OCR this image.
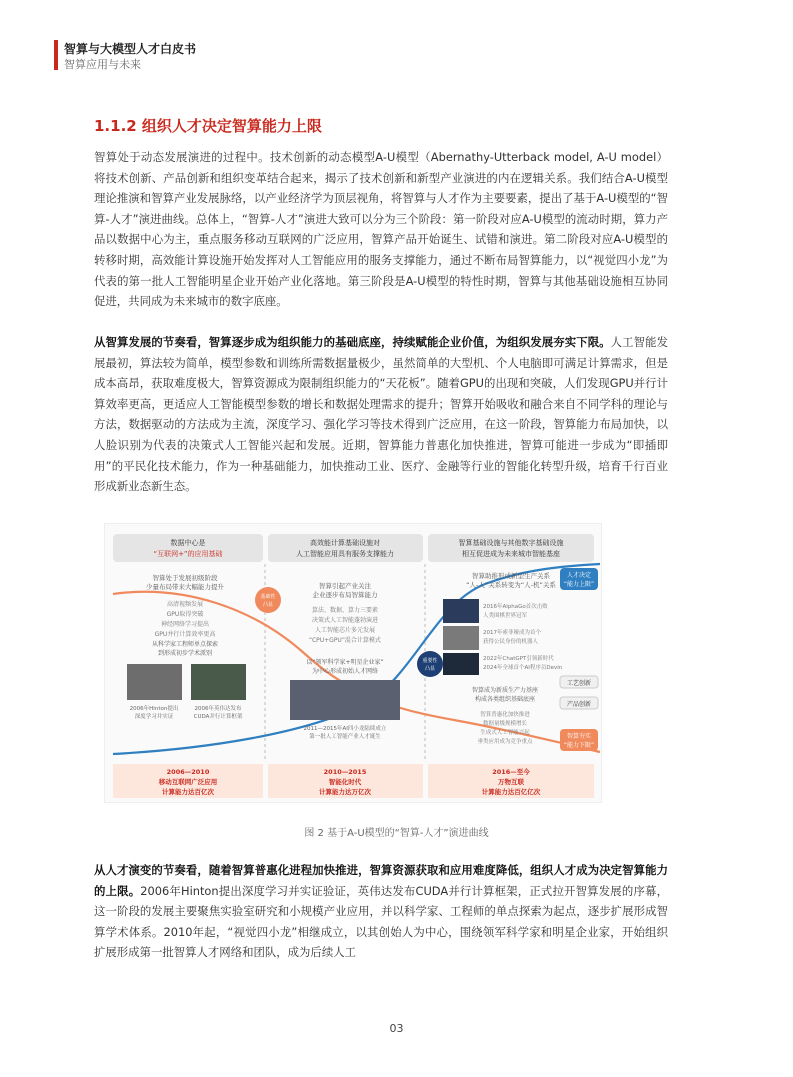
智算与大模型人才白皮书
智算应用与未来
1.1.2 组织人才决定智算能力上限

智算处于动态发展演进的过程中。技术创新的动态模型A-U模型（Abernathy-Utterback model, A-U model）将技术创新、产品创新和组织变革结合起来，揭示了技术创新和新型产业演进的内在逻辑关系。我们结合A-U模型理论推演和智算产业发展脉络，以产业经济学为顶层视角，将智算与人才作为主要要素，提出了基于A-U模型的“智算-人才”演进曲线。总体上，“智算-人才”演进大致可以分为三个阶段：第一阶段对应A-U模型的流动时期，算力产品以数据中心为主，重点服务移动互联网的广泛应用，智算产品开始诞生、试错和演进。第二阶段对应A-U模型的转移时期，高效能计算设施开始发挥对人工智能应用的服务支撑能力，通过不断布局智算能力，以“视觉四小龙”为代表的第一批人工智能明星企业开始产业化落地。第三阶段是A-U模型的特性时期，智算与其他基础设施相互协同促进，共同成为未来城市的数字底座。

从智算发展的节奏看，智算逐步成为组织能力的基础底座，持续赋能企业价值，为组织发展夯实下限。人工智能发展最初，算法较为简单，模型参数和训练所需数据量极少，虽然简单的大型机、个人电脑即可满足计算需求，但是成本高昂，获取难度极大，智算资源成为限制组织能力的“天花板”。随着GPU的出现和突破，人们发现GPU并行计算效率更高，更适应人工智能模型参数的增长和数据处理需求的提升；智算开始吸收和融合来自不同学科的理论与方法，数据驱动的方法成为主流，深度学习、强化学习等技术得到广泛应用，在这一阶段，智算能力布局加快，以人脸识别为代表的决策式人工智能兴起和发展。近期，智算能力普惠化加快推进，智算可能进一步成为“即插即用”的平民化技术能力，作为一种基础能力，加快推动工业、医疗、金融等行业的智能化转型升级，培育千行百业形成新业态新生态。

数据中心是
“互联网+”的应用基础
高效能计算基础设施对
人工智能应用具有服务支撑能力
智算基础设施与其他数字基础设施
相互促进成为未来城市智能基座
智算处于发展初级阶段
少量布局带来大幅能力提升
高清视频发展
GPU取得突破
神经网络学习提出
GPU并行计算效率更高
从科学家工程师单点探索
到形成初步学术派别
2006年Hinton提出
深度学习并实证
2006年英伟达发布
CUDA并行计算框架
基础性
凸显
智算引起产业关注
企业逐步布局智算能力
算法、数据、算力三要素
决策式人工智能蓬勃演进
人工智能芯片多元发展
“CPU+GPU”混合计算模式
以“领军科学家+明星企业家”
为中心形成初始人才网络
2011—2015年AI四小龙陆续成立
第一批人工智能产业人才诞生
重要性
凸显
智算助推形成新型生产关系
“人-人”关系转变为“人-机”关系
2016年AlphaGo首次击败
人类围棋世界冠军
2017年索菲娅成为首个
获得公民身份的机器人
2022年ChatGPT引领新时代
2024年全球首个AI程序员Devin
智算成为新质生产力基座
构成各类组织基础底座
智算普惠化加快推进
数据量级规模增长
生成式人工智能兴起
垂类应用成为竞争重点
人才决定
“能力上限”
工艺创新
产品创新
智算夯实
“能力下限”
2006—2010
移动互联网广泛应用
计算能力达百亿次
2010—2015
智能化时代
计算能力达万亿次
2016—至今
万物互联
计算能力达百亿亿次
图 2 基于A-U模型的“智算-人才”演进曲线

从人才演变的节奏看，随着智算普惠化进程加快推进，智算资源获取和应用难度降低，组织人才成为决定智算能力的上限。2006年Hinton提出深度学习并实证验证，英伟达发布CUDA并行计算框架，正式拉开智算发展的序幕，这一阶段的发展主要聚焦实验室研究和小规模产业应用，并以科学家、工程师的单点探索为起点，逐步扩展形成智算学术体系。2010年起，“视觉四小龙”相继成立，以其创始人为中心，围绕领军科学家和明星企业家，开始组织扩展形成第一批智算人才网络和团队，成为后续人工

03
